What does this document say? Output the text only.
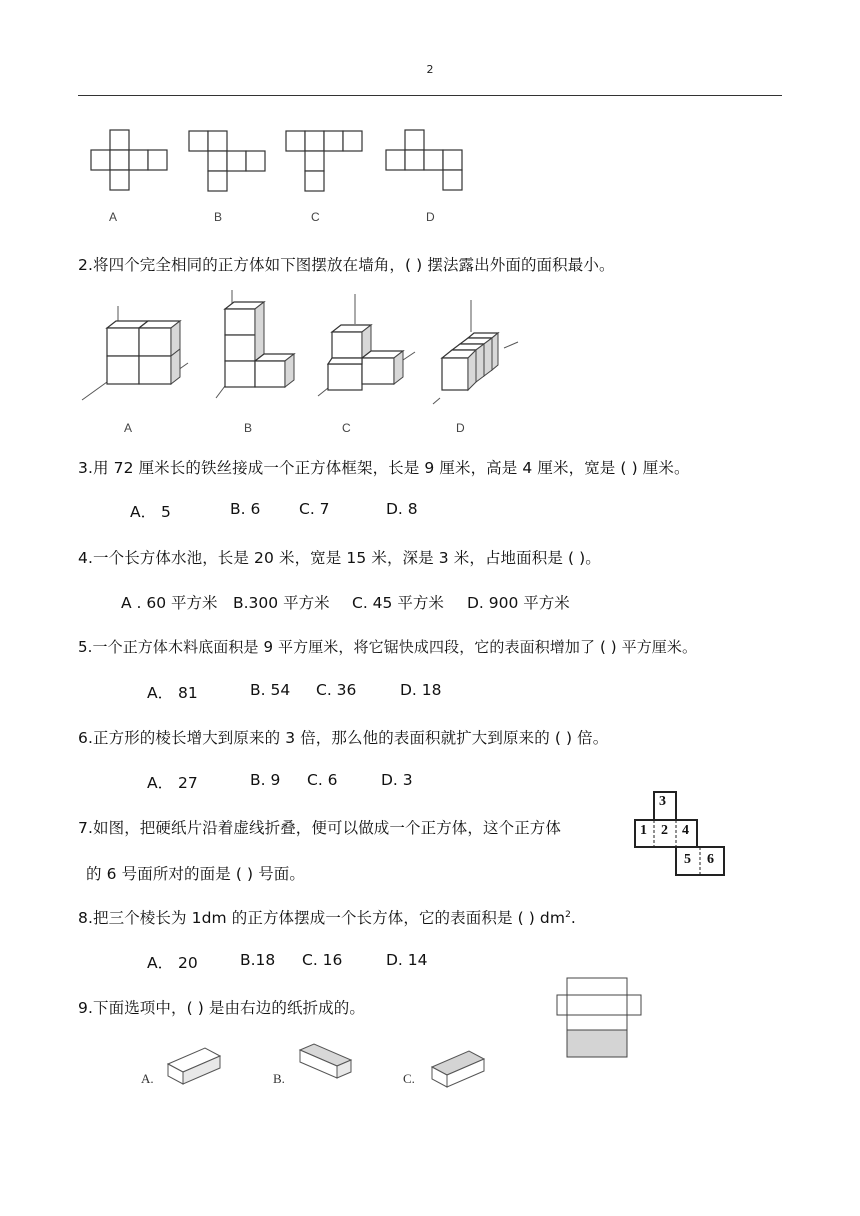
2
A	B	C	D
2.将四个完全相同的正方体如下图摆放在墙角，( ) 摆法露出外面的面积最小。
A	B	C	D
3.用 72 厘米长的铁丝接成一个正方体框架，长是 9 厘米，高是 4 厘米，宽是 ( ) 厘米。
A． 5	B. 6 C. 7	D. 8
4.一个长方体水池，长是 20 米，宽是 15 米，深是 3 米，占地面积是 ( )。
A . 60 平方米 B.300 平方米 C. 45 平方米 D. 900 平方米
5.一个正方体木料底面积是 9 平方厘米，将它锯快成四段，它的表面积增加了 ( ) 平方厘米。
A． 81	B. 54 C. 36	D. 18
6.正方形的棱长增大到原来的 3 倍，那么他的表面积就扩大到原来的 ( ) 倍。
A． 27	B. 9 C. 6	D. 3
7.如图，把硬纸片沿着虚线折叠，便可以做成一个正方体，这个正方体
的 6 号面所对的面是 ( ) 号面。
3
1 2 4
5 6
8.把三个棱长为 1dm 的正方体摆成一个长方体，它的表面积是 ( ) $dm^2$.
A． 20	B.18 C. 16	D. 14
9.下面选项中，( ) 是由右边的纸折成的。
A.	B.	C.
